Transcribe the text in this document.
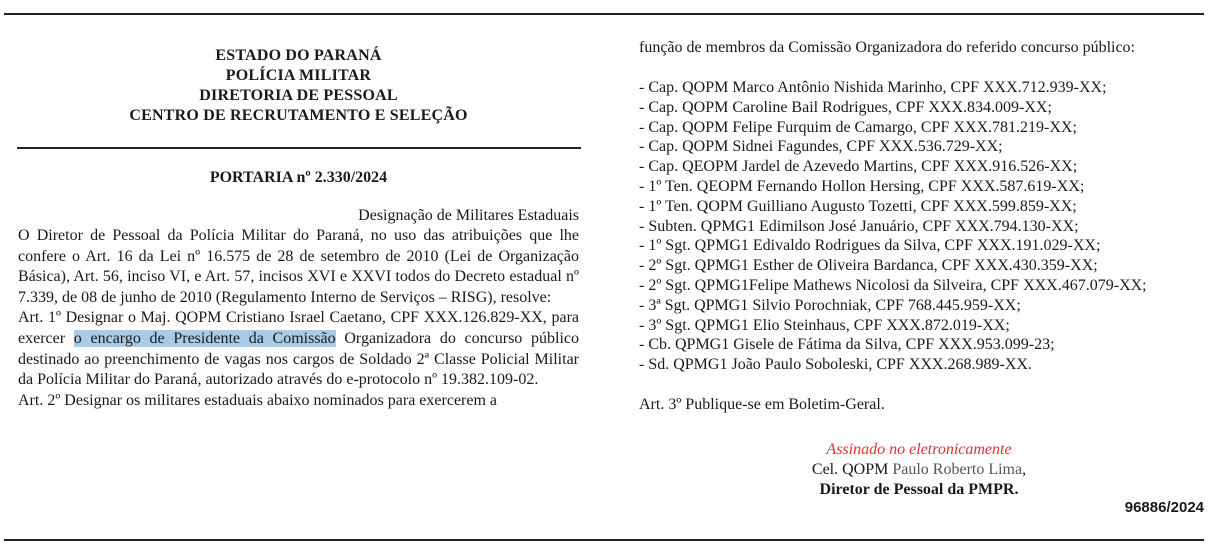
ESTADO DO PARANÁ
POLÍCIA MILITAR
DIRETORIA DE PESSOAL
CENTRO DE RECRUTAMENTO E SELEÇÃO
PORTARIA nº 2.330/2024
Designação de Militares Estaduais

O Diretor de Pessoal da Polícia Militar do Paraná, no uso das atribuições que lhe confere o Art. 16 da Lei nº 16.575 de 28 de setembro de 2010 (Lei de Organização Básica), Art. 56, inciso VI, e Art. 57, incisos XVI e XXVI todos do Decreto estadual nº 7.339, de 08 de junho de 2010 (Regulamento Interno de Serviços – RISG), resolve:

Art. 1º Designar o Maj. QOPM Cristiano Israel Caetano, CPF XXX.126.829-XX, para exercer o encargo de Presidente da Comissão Organizadora do concurso público destinado ao preenchimento de vagas nos cargos de Soldado 2ª Classe Policial Militar da Polícia Militar do Paraná, autorizado através do e-protocolo nº 19.382.109-02.

Art. 2º Designar os militares estaduais abaixo nominados para exercerem a

função de membros da Comissão Organizadora do referido concurso público:
- Cap. QOPM Marco Antônio Nishida Marinho, CPF XXX.712.939-XX;
- Cap. QOPM Caroline Bail Rodrigues, CPF XXX.834.009-XX;
- Cap. QOPM Felipe Furquim de Camargo, CPF XXX.781.219-XX;
- Cap. QOPM Sidnei Fagundes, CPF XXX.536.729-XX;
- Cap. QEOPM Jardel de Azevedo Martins, CPF XXX.916.526-XX;
- 1º Ten. QEOPM Fernando Hollon Hersing, CPF XXX.587.619-XX;
- 1º Ten. QOPM Guilliano Augusto Tozetti, CPF XXX.599.859-XX;
- Subten. QPMG1 Edimilson José Januário, CPF XXX.794.130-XX;
- 1º Sgt. QPMG1 Edivaldo Rodrigues da Silva, CPF XXX.191.029-XX;
- 2º Sgt. QPMG1 Esther de Oliveira Bardanca, CPF XXX.430.359-XX;
- 2º Sgt. QPMG1Felipe Mathews Nicolosi da Silveira, CPF XXX.467.079-XX;
- 3ª Sgt. QPMG1 Silvio Porochniak, CPF 768.445.959-XX;
- 3º Sgt. QPMG1 Elio Steinhaus, CPF XXX.872.019-XX;
- Cb. QPMG1 Gisele de Fátima da Silva, CPF XXX.953.099-23;
- Sd. QPMG1 João Paulo Soboleski, CPF XXX.268.989-XX.
Art. 3º Publique-se em Boletim-Geral.
Assinado no eletronicamente
Cel. QOPM Paulo Roberto Lima,
Diretor de Pessoal da PMPR.
96886/2024
